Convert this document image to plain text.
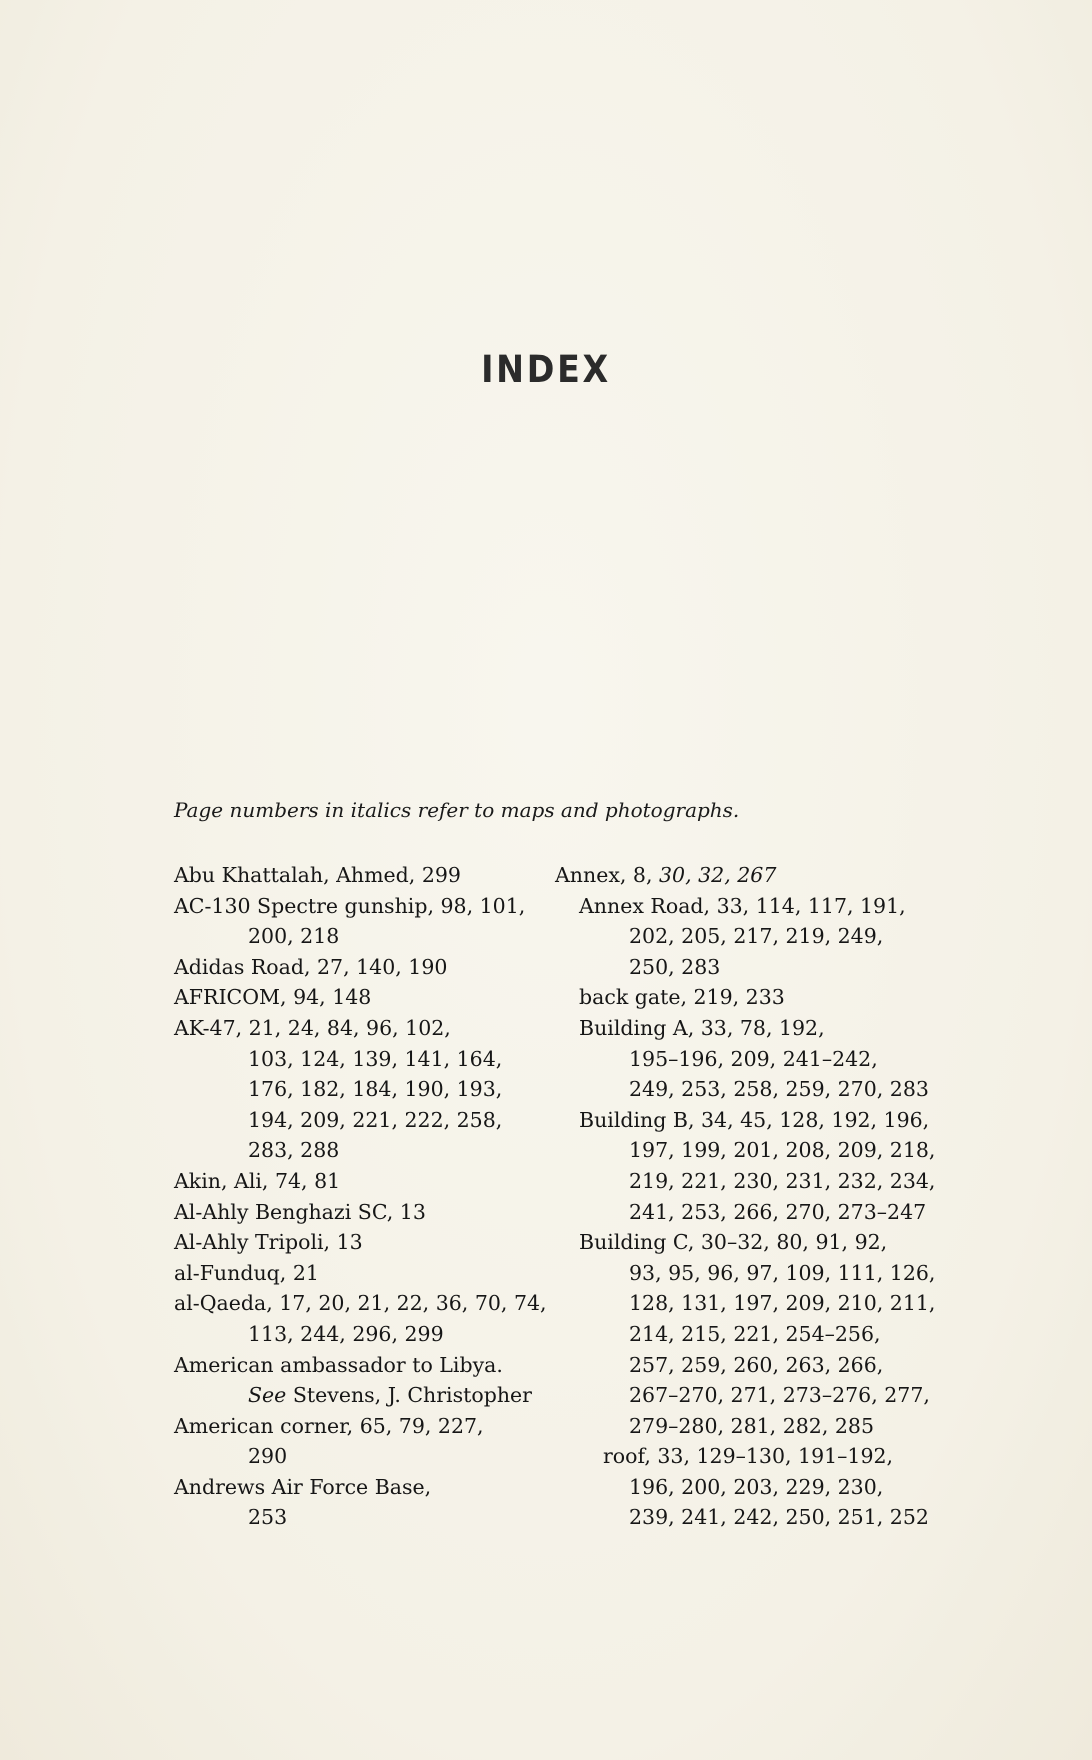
INDEX
Page numbers in italics refer to maps and photographs.
Abu Khattalah, Ahmed, 299
AC-130 Spectre gunship, 98, 101,
200, 218
Adidas Road, 27, 140, 190
AFRICOM, 94, 148
AK-47, 21, 24, 84, 96, 102,
103, 124, 139, 141, 164,
176, 182, 184, 190, 193,
194, 209, 221, 222, 258,
283, 288
Akin, Ali, 74, 81
Al-Ahly Benghazi SC, 13
Al-Ahly Tripoli, 13
al-Funduq, 21
al-Qaeda, 17, 20, 21, 22, 36, 70, 74,
113, 244, 296, 299
American ambassador to Libya.
See Stevens, J. Christopher
American corner, 65, 79, 227,
290
Andrews Air Force Base,
253
Annex, 8, 30, 32, 267
Annex Road, 33, 114, 117, 191,
202, 205, 217, 219, 249,
250, 283
back gate, 219, 233
Building A, 33, 78, 192,
195–196, 209, 241–242,
249, 253, 258, 259, 270, 283
Building B, 34, 45, 128, 192, 196,
197, 199, 201, 208, 209, 218,
219, 221, 230, 231, 232, 234,
241, 253, 266, 270, 273–247
Building C, 30–32, 80, 91, 92,
93, 95, 96, 97, 109, 111, 126,
128, 131, 197, 209, 210, 211,
214, 215, 221, 254–256,
257, 259, 260, 263, 266,
267–270, 271, 273–276, 277,
279–280, 281, 282, 285
roof, 33, 129–130, 191–192,
196, 200, 203, 229, 230,
239, 241, 242, 250, 251, 252
